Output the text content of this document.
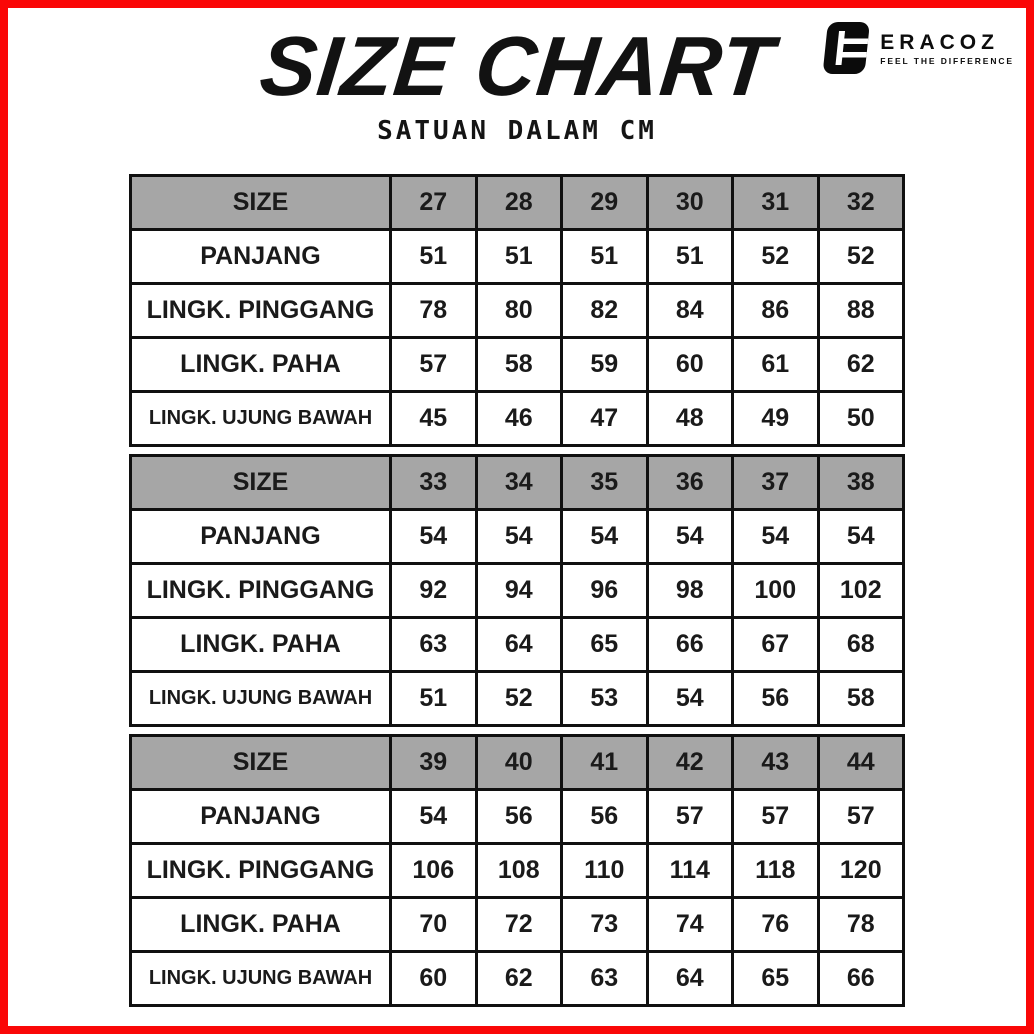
ERACOZ
FEEL THE DIFFERENCE
SIZE CHART
SATUAN DALAM CM
SIZE	27	28	29	30	31	32
PANJANG	51	51	51	51	52	52
LINGK. PINGGANG	78	80	82	84	86	88
LINGK. PAHA	57	58	59	60	61	62
LINGK. UJUNG BAWAH	45	46	47	48	49	50
SIZE	33	34	35	36	37	38
PANJANG	54	54	54	54	54	54
LINGK. PINGGANG	92	94	96	98	100	102
LINGK. PAHA	63	64	65	66	67	68
LINGK. UJUNG BAWAH	51	52	53	54	56	58
SIZE	39	40	41	42	43	44
PANJANG	54	56	56	57	57	57
LINGK. PINGGANG	106	108	110	114	118	120
LINGK. PAHA	70	72	73	74	76	78
LINGK. UJUNG BAWAH	60	62	63	64	65	66
